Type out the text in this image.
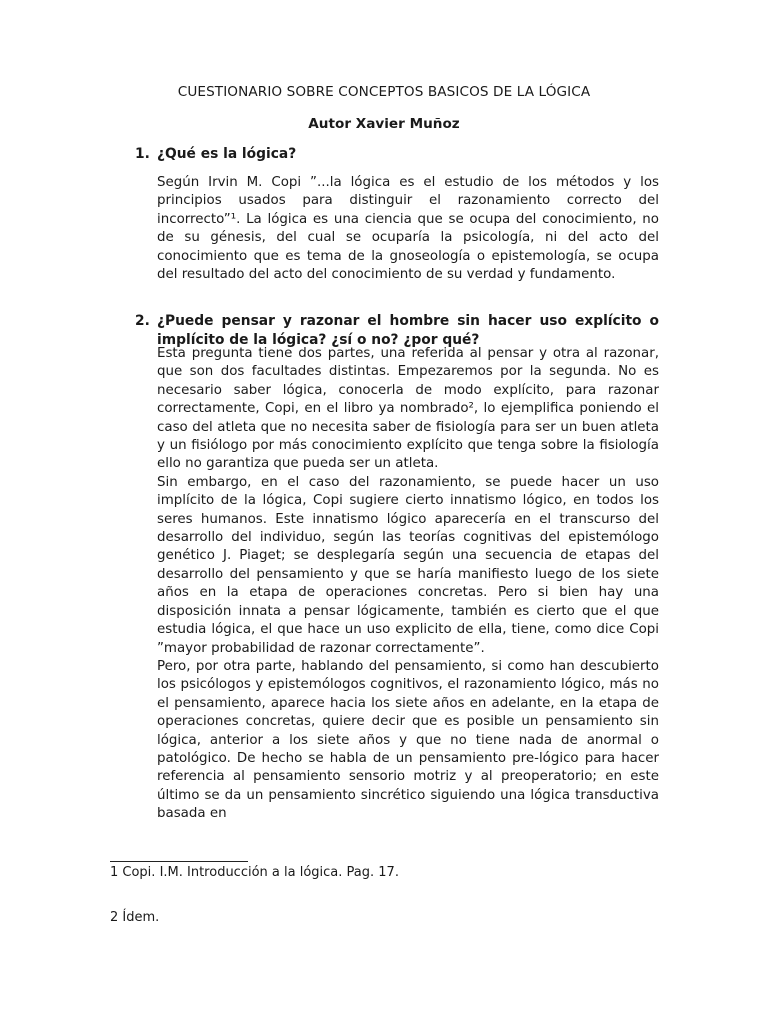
CUESTIONARIO SOBRE CONCEPTOS BASICOS DE LA LÓGICA
Autor Xavier Muñoz
1. ¿Qué es la lógica?

Según Irvin M. Copi ”...la lógica es el estudio de los métodos y los principios usados para distinguir el razonamiento correcto del incorrecto”¹. La lógica es una ciencia que se ocupa del conocimiento, no de su génesis, del cual se ocuparía la psicología, ni del acto del conocimiento que es tema de la gnoseología o epistemología, se ocupa del resultado del acto del conocimiento de su verdad y fundamento.

2. ¿Puede pensar y razonar el hombre sin hacer uso explícito o implícito de la lógica? ¿sí o no? ¿por qué?

Esta pregunta tiene dos partes, una referida al pensar y otra al razonar, que son dos facultades distintas. Empezaremos por la segunda. No es necesario saber lógica, conocerla de modo explícito, para razonar correctamente, Copi, en el libro ya nombrado², lo ejemplifica poniendo el caso del atleta que no necesita saber de fisiología para ser un buen atleta y un fisiólogo por más conocimiento explícito que tenga sobre la fisiología ello no garantiza que pueda ser un atleta.

Sin embargo, en el caso del razonamiento, se puede hacer un uso implícito de la lógica, Copi sugiere cierto innatismo lógico, en todos los seres humanos. Este innatismo lógico aparecería en el transcurso del desarrollo del individuo, según las teorías cognitivas del epistemólogo genético J. Piaget; se desplegaría según una secuencia de etapas del desarrollo del pensamiento y que se haría manifiesto luego de los siete años en la etapa de operaciones concretas. Pero si bien hay una disposición innata a pensar lógicamente, también es cierto que el que estudia lógica, el que hace un uso explicito de ella, tiene, como dice Copi ”mayor probabilidad de razonar correctamente”.

Pero, por otra parte, hablando del pensamiento, si como han descubierto los psicólogos y epistemólogos cognitivos, el razonamiento lógico, más no el pensamiento, aparece hacia los siete años en adelante, en la etapa de operaciones concretas, quiere decir que es posible un pensamiento sin lógica, anterior a los siete años y que no tiene nada de anormal o patológico. De hecho se habla de un pensamiento pre-lógico para hacer referencia al pensamiento sensorio motriz y al preoperatorio; en este último se da un pensamiento sincrético siguiendo una lógica transductiva basada en

1 Copi. I.M. Introducción a la lógica. Pag. 17.
2 Ídem.
